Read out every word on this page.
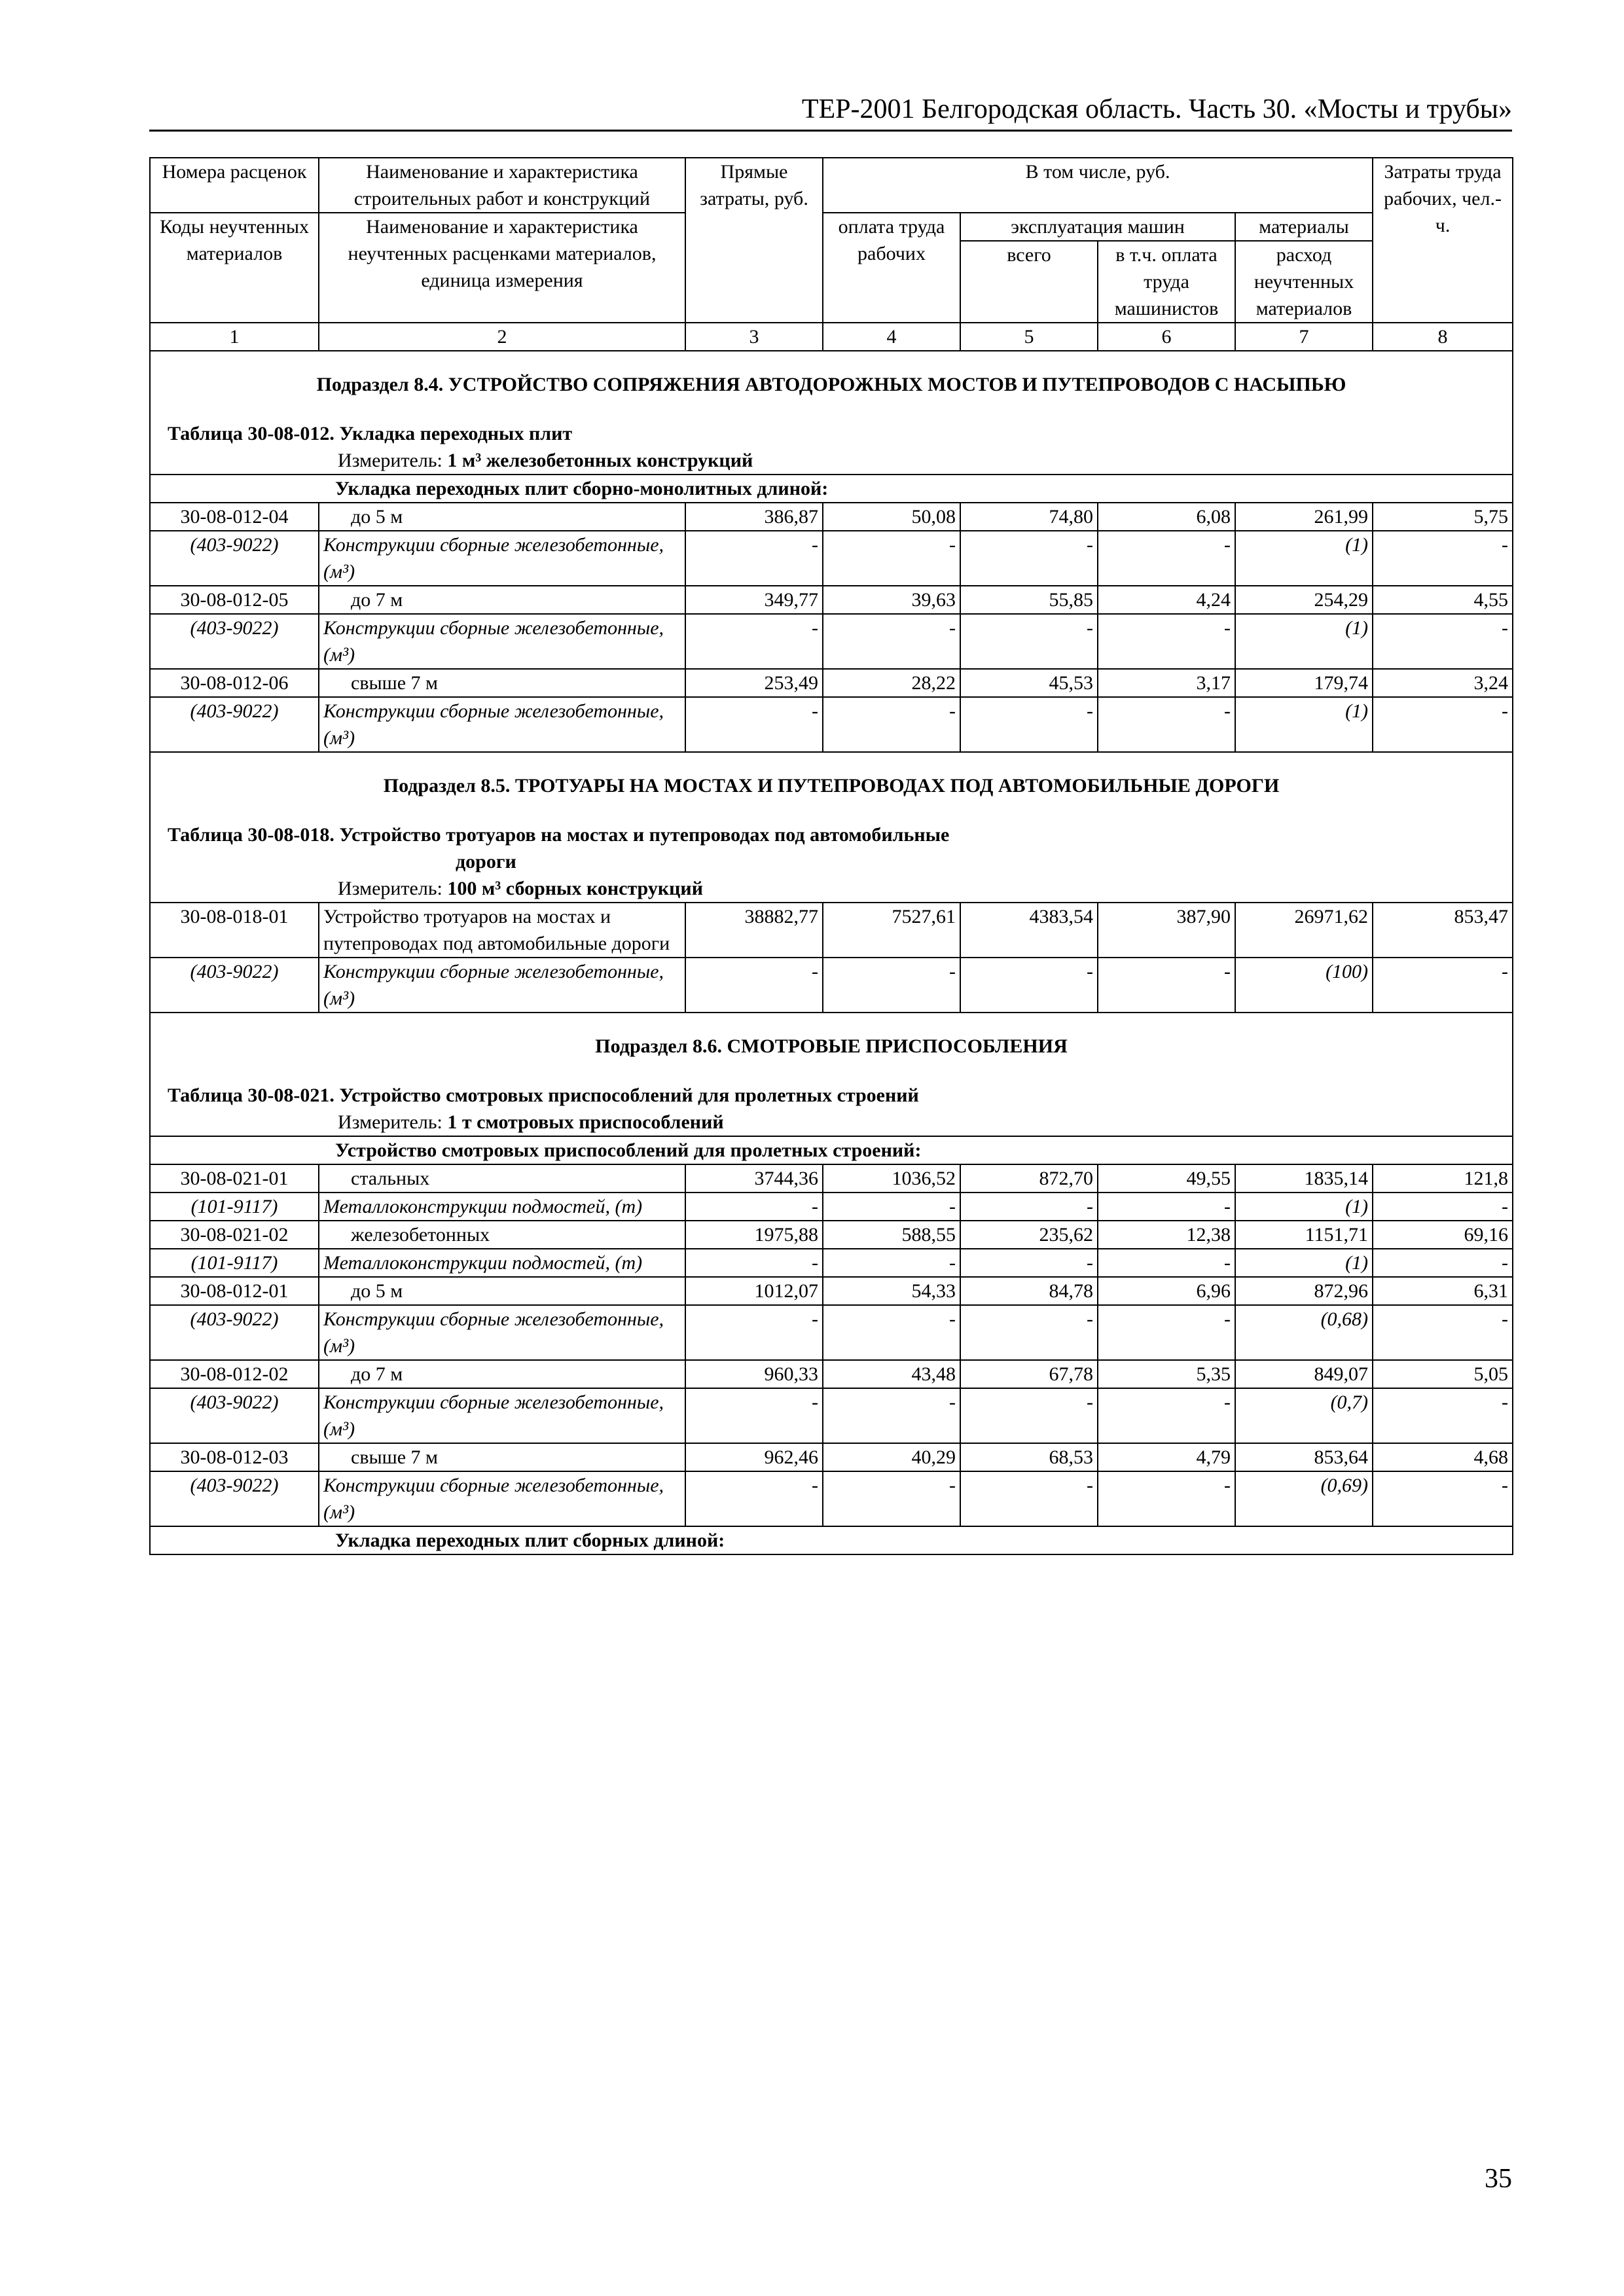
ТЕР-2001 Белгородская область. Часть 30. «Мосты и трубы»
Номера расценок	Наименование и характеристика строительных работ и конструкций	Прямые затраты, руб.	В том числе, руб.				Затраты труда рабочих, чел.-ч.
Коды неучтенных материалов	Наименование и характеристика неучтенных расценками материалов, единица измерения		оплата труда рабочих	эксплуатация машин		материалы	
				всего	в т.ч. оплата труда машинистов	расход неучтенных материалов	
1	2	3	4	5	6	7	8
Подраздел 8.4. УСТРОЙСТВО СОПРЯЖЕНИЯ АВТОДОРОЖНЫХ МОСТОВ И ПУТЕПРОВОДОВ С НАСЫПЬЮ							
Таблица 30-08-012. Укладка переходных плит							
Измеритель: 1 м³ железобетонных конструкций							
Укладка переходных плит сборно-монолитных длиной:							
30-08-012-04	до 5 м	386,87	50,08	74,80	6,08	261,99	5,75
(403-9022)	Конструкции сборные железобетонные, (м³)	-	-	-	-	(1)	-
30-08-012-05	до 7 м	349,77	39,63	55,85	4,24	254,29	4,55
(403-9022)	Конструкции сборные железобетонные, (м³)	-	-	-	-	(1)	-
30-08-012-06	свыше 7 м	253,49	28,22	45,53	3,17	179,74	3,24
(403-9022)	Конструкции сборные железобетонные, (м³)	-	-	-	-	(1)	-
Подраздел 8.5. ТРОТУАРЫ НА МОСТАХ И ПУТЕПРОВОДАХ ПОД АВТОМОБИЛЬНЫЕ ДОРОГИ							
Таблица 30-08-018. Устройство тротуаров на мостах и путепроводах под автомобильные
дороги							
Измеритель: 100 м³ сборных конструкций							
30-08-018-01	Устройство тротуаров на мостах и путепроводах под автомобильные дороги	38882,77	7527,61	4383,54	387,90	26971,62	853,47
(403-9022)	Конструкции сборные железобетонные, (м³)	-	-	-	-	(100)	-
Подраздел 8.6. СМОТРОВЫЕ ПРИСПОСОБЛЕНИЯ							
Таблица 30-08-021. Устройство смотровых приспособлений для пролетных строений							
Измеритель: 1 т смотровых приспособлений							
Устройство смотровых приспособлений для пролетных строений:							
30-08-021-01	стальных	3744,36	1036,52	872,70	49,55	1835,14	121,8
(101-9117)	Металлоконструкции подмостей, (т)	-	-	-	-	(1)	-
30-08-021-02	железобетонных	1975,88	588,55	235,62	12,38	1151,71	69,16
(101-9117)	Металлоконструкции подмостей, (т)	-	-	-	-	(1)	-
30-08-012-01	до 5 м	1012,07	54,33	84,78	6,96	872,96	6,31
(403-9022)	Конструкции сборные железобетонные, (м³)	-	-	-	-	(0,68)	-
30-08-012-02	до 7 м	960,33	43,48	67,78	5,35	849,07	5,05
(403-9022)	Конструкции сборные железобетонные, (м³)	-	-	-	-	(0,7)	-
30-08-012-03	свыше 7 м	962,46	40,29	68,53	4,79	853,64	4,68
(403-9022)	Конструкции сборные железобетонные, (м³)	-	-	-	-	(0,69)	-
Укладка переходных плит сборных длиной:							
35
